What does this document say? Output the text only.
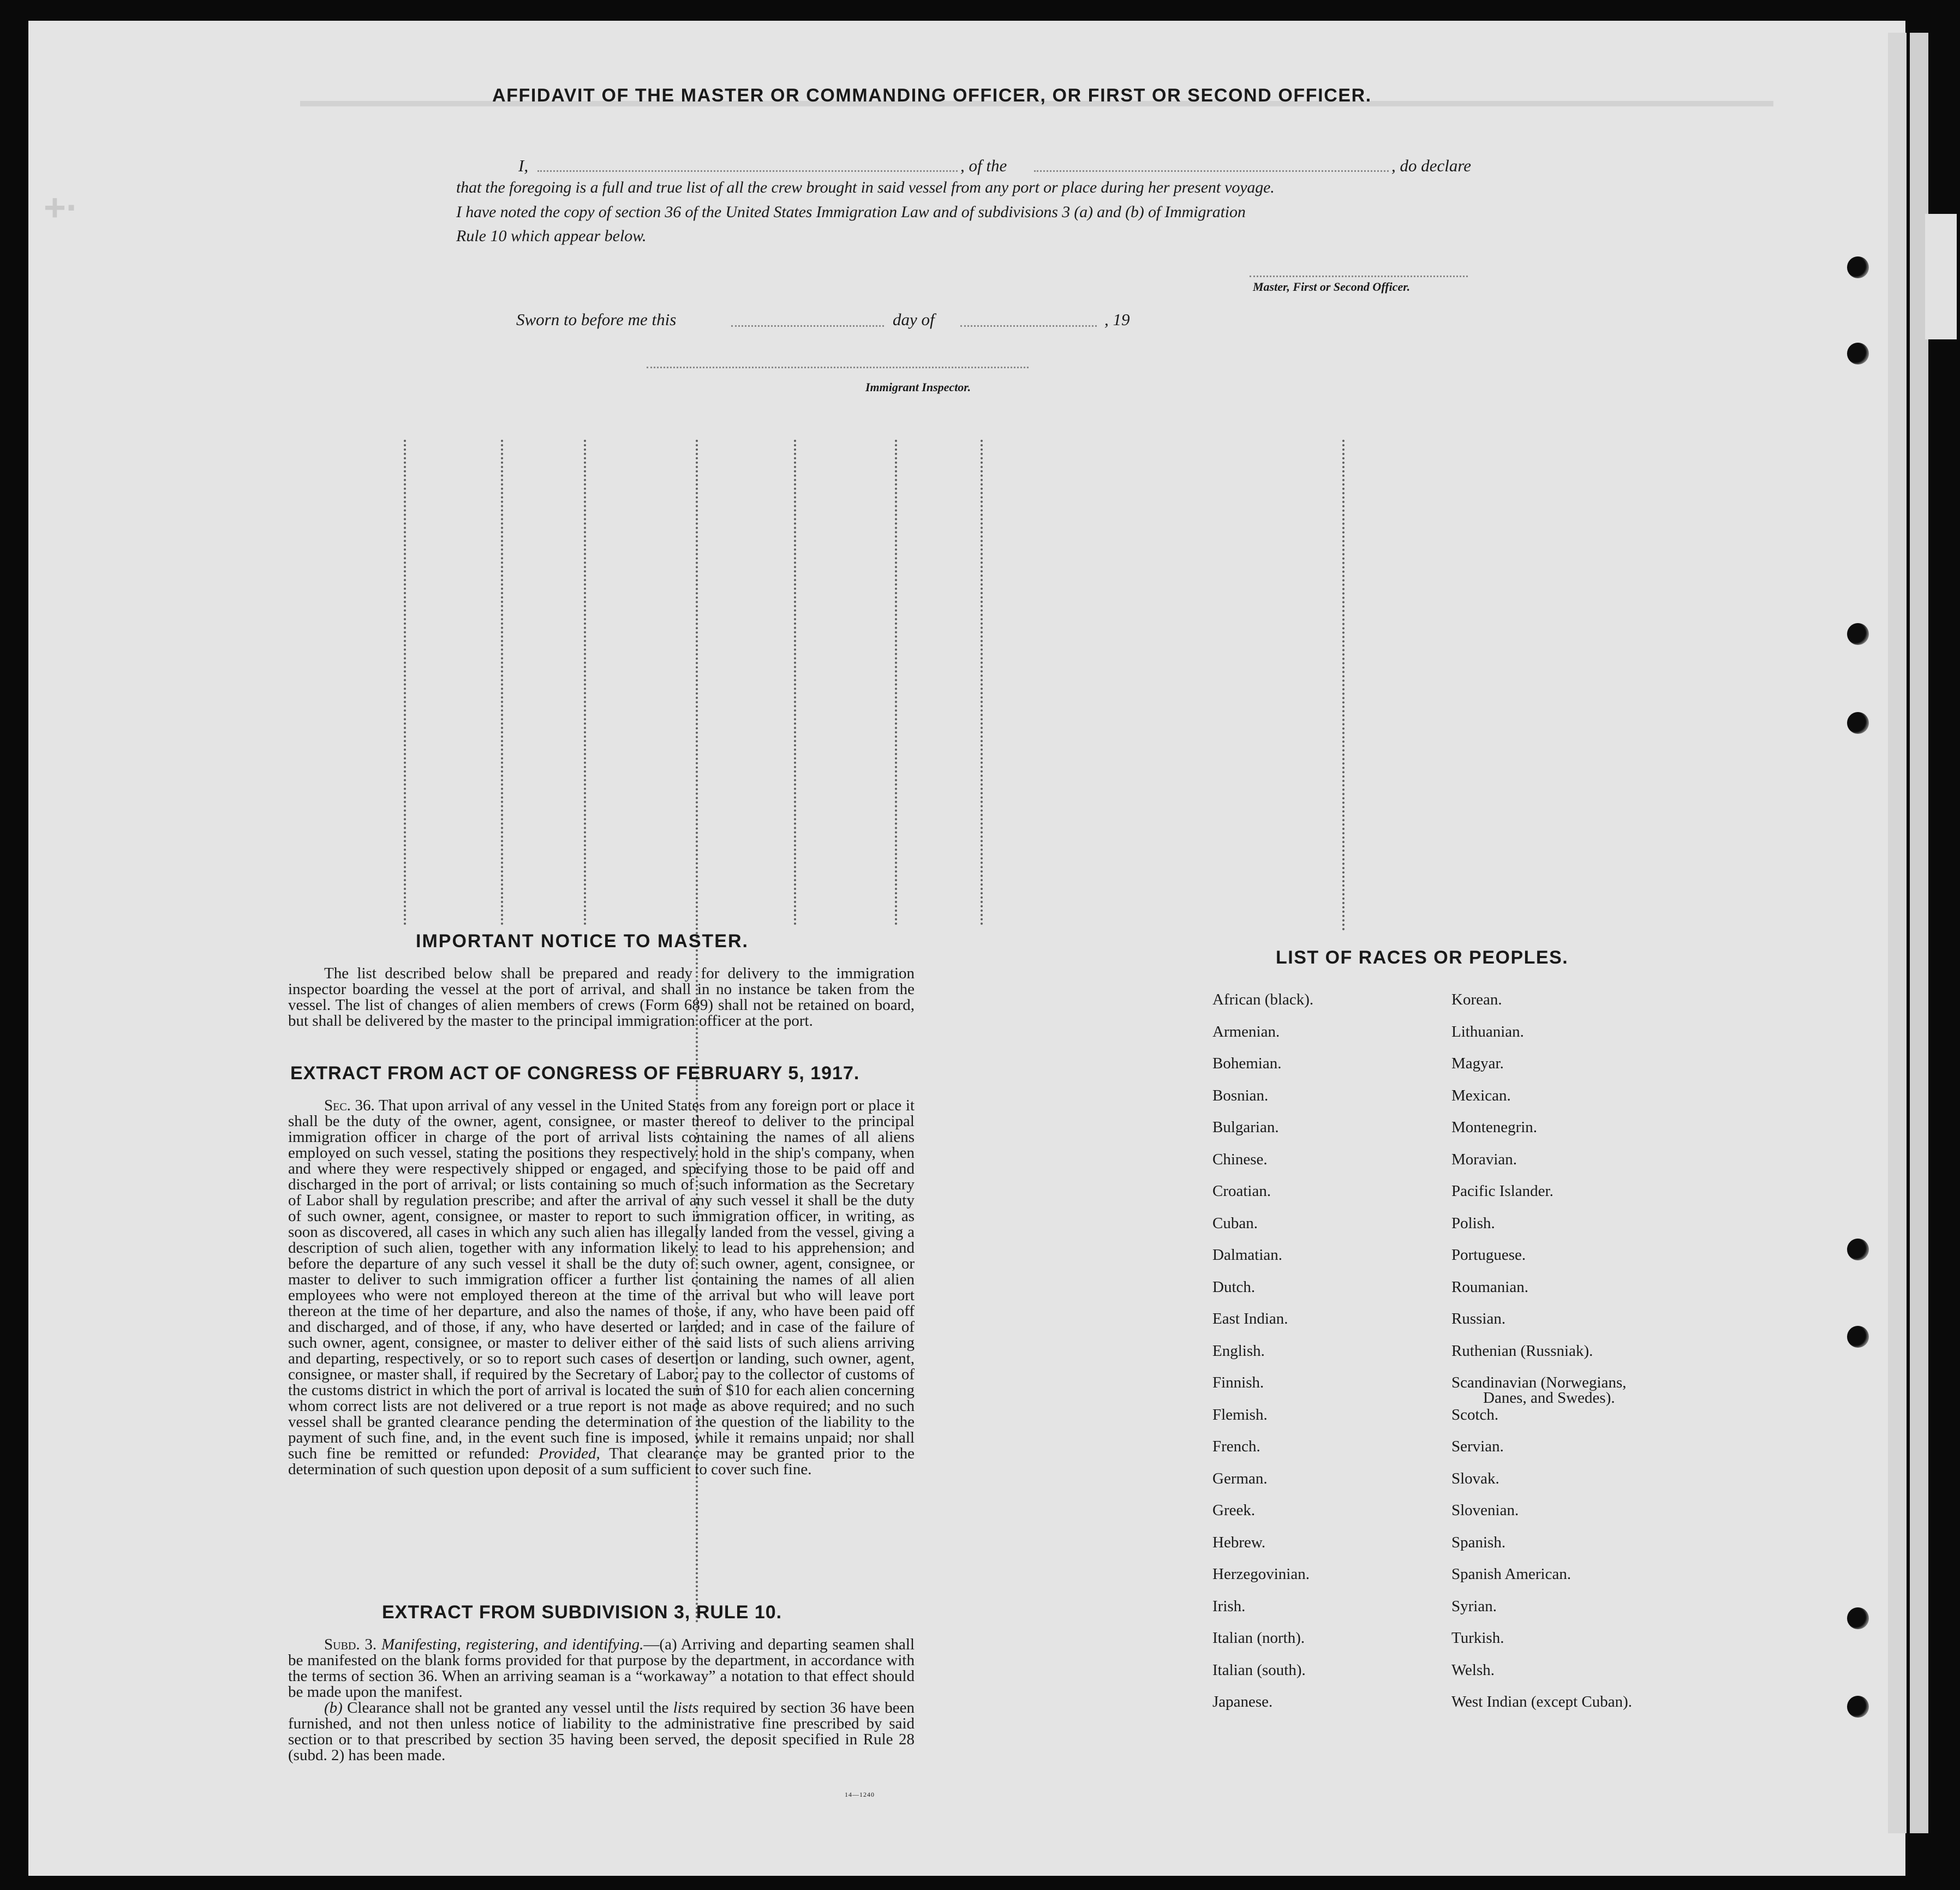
+·
AFFIDAVIT OF THE MASTER OR COMMANDING OFFICER, OR FIRST OR SECOND OFFICER.
I,	, of the	, do declare
that the foregoing is a full and true list of all the crew brought in said vessel from any port or place during her present voyage.
I have noted the copy of section 36 of the United States Immigration Law and of subdivisions 3 (a) and (b) of Immigration
Rule 10 which appear below.
Master, First or Second Officer.
Sworn to before me this	day of	, 19
Immigrant Inspector.
IMPORTANT NOTICE TO MASTER.
The list described below shall be prepared and ready for delivery to the immigration inspector boarding the vessel at the port of arrival, and shall in no instance be taken from the vessel. The list of changes of alien members of crews (Form 689) shall not be retained on board, but shall be delivered by the master to the principal immigration officer at the port.
EXTRACT FROM ACT OF CONGRESS OF FEBRUARY 5, 1917.
Sec. 36. That upon arrival of any vessel in the United States from any foreign port or place it shall be the duty of the owner, agent, consignee, or master thereof to deliver to the principal immigration officer in charge of the port of arrival lists containing the names of all aliens employed on such vessel, stating the positions they respectively hold in the ship's company, when and where they were respectively shipped or engaged, and specifying those to be paid off and discharged in the port of arrival; or lists containing so much of such information as the Secretary of Labor shall by regulation prescribe; and after the arrival of any such vessel it shall be the duty of such owner, agent, consignee, or master to report to such immigration officer, in writing, as soon as discovered, all cases in which any such alien has illegally landed from the vessel, giving a description of such alien, together with any information likely to lead to his apprehension; and before the departure of any such vessel it shall be the duty of such owner, agent, consignee, or master to deliver to such immigration officer a further list containing the names of all alien employees who were not employed thereon at the time of the arrival but who will leave port thereon at the time of her departure, and also the names of those, if any, who have been paid off and discharged, and of those, if any, who have deserted or landed; and in case of the failure of such owner, agent, consignee, or master to deliver either of the said lists of such aliens arriving and departing, respectively, or so to report such cases of desertion or landing, such owner, agent, consignee, or master shall, if required by the Secretary of Labor, pay to the collector of customs of the customs district in which the port of arrival is located the sum of $10 for each alien concerning whom correct lists are not delivered or a true report is not made as above required; and no such vessel shall be granted clearance pending the determination of the question of the liability to the payment of such fine, and, in the event such fine is imposed, while it remains unpaid; nor shall such fine be remitted or refunded: Provided, That clearance may be granted prior to the determination of such question upon deposit of a sum sufficient to cover such fine.
EXTRACT FROM SUBDIVISION 3, RULE 10.
Subd. 3. Manifesting, registering, and identifying.—(a) Arriving and departing seamen shall be manifested on the blank forms provided for that purpose by the department, in accordance with the terms of section 36. When an arriving seaman is a “workaway” a notation to that effect should be made upon the manifest.
(b) Clearance shall not be granted any vessel until the lists required by section 36 have been furnished, and not then unless notice of liability to the administrative fine prescribed by said section or to that prescribed by section 35 having been served, the deposit specified in Rule 28 (subd. 2) has been made.
14—1240
LIST OF RACES OR PEOPLES.
African (black).
Armenian.
Bohemian.
Bosnian.
Bulgarian.
Chinese.
Croatian.
Cuban.
Dalmatian.
Dutch.
East Indian.
English.
Finnish.
Flemish.
French.
German.
Greek.
Hebrew.
Herzegovinian.
Irish.
Italian (north).
Italian (south).
Japanese.
Korean.
Lithuanian.
Magyar.
Mexican.
Montenegrin.
Moravian.
Pacific Islander.
Polish.
Portuguese.
Roumanian.
Russian.
Ruthenian (Russniak).
Scandinavian (Norwegians,
Danes, and Swedes).
Scotch.
Servian.
Slovak.
Slovenian.
Spanish.
Spanish American.
Syrian.
Turkish.
Welsh.
West Indian (except Cuban).
